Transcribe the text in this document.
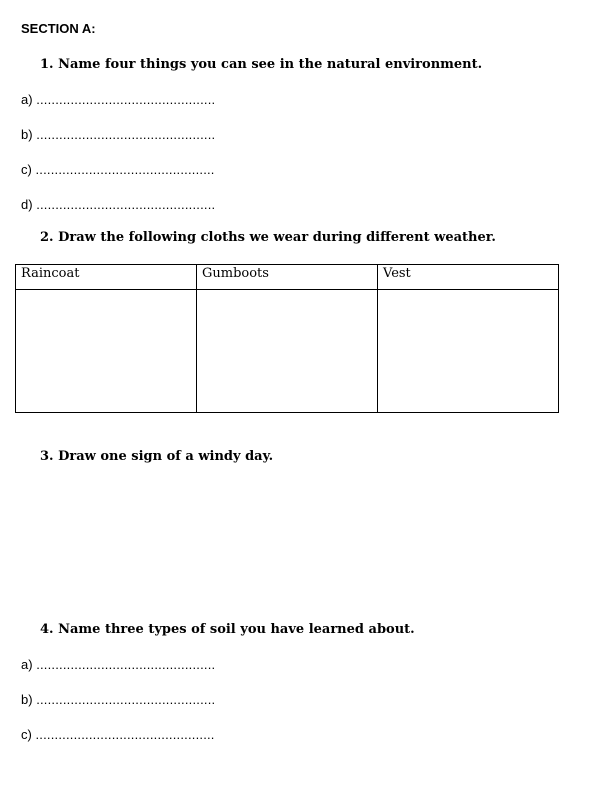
SECTION A:
1. Name four things you can see in the natural environment.
a) ...............................................
b) ...............................................
c) ...............................................
d) ...............................................
2. Draw the following cloths we wear during different weather.
Raincoat	Gumboots	Vest

3. Draw one sign of a windy day.
4. Name three types of soil you have learned about.
a) ...............................................
b) ...............................................
c) ...............................................
